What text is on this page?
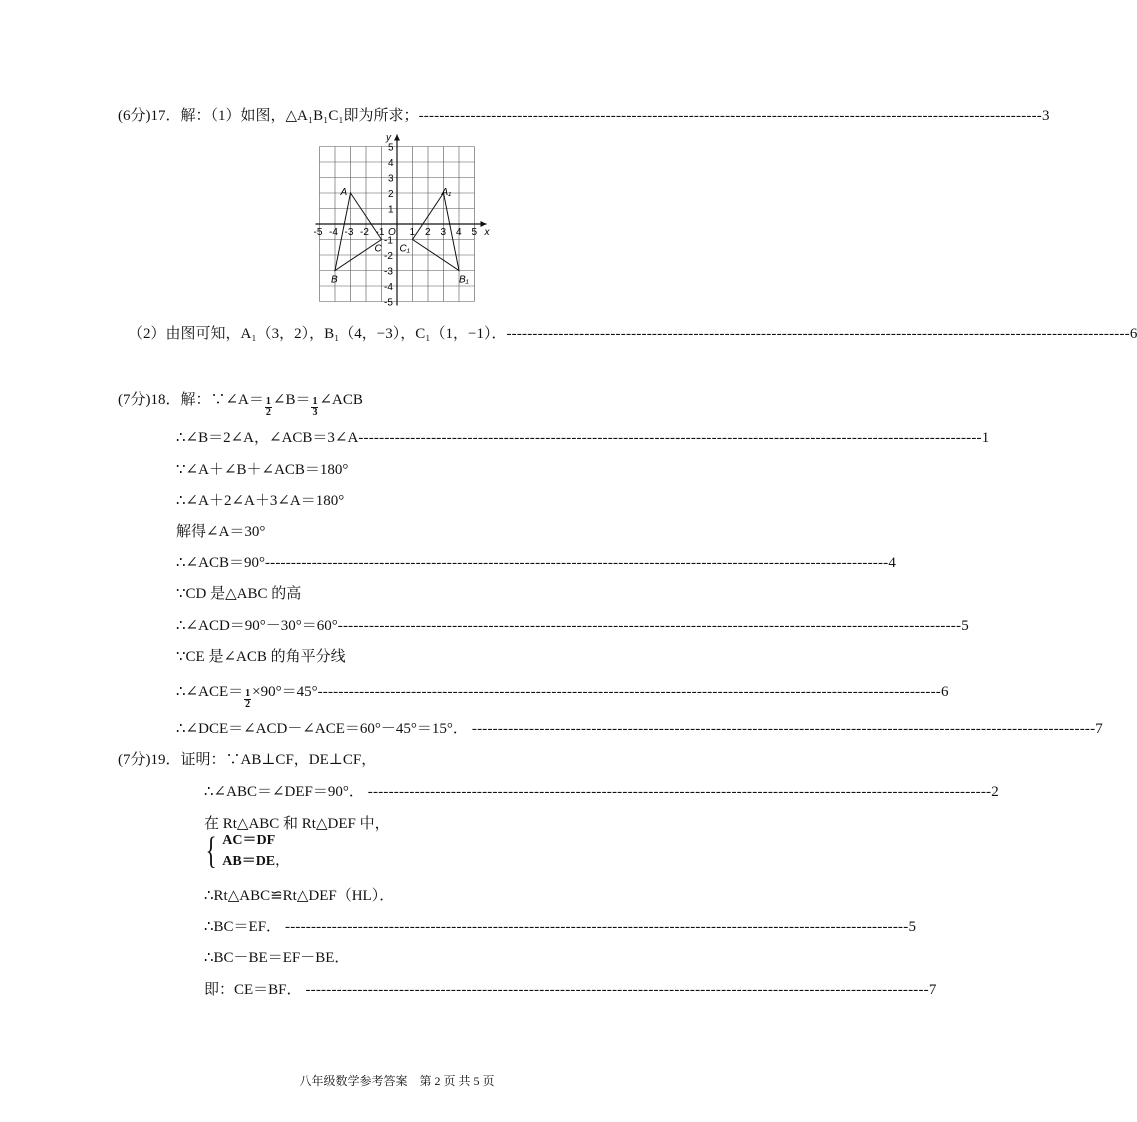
(6分)17．解：（1）如图，△A₁B₁C₁即为所求； ------------------------------------------------------------------------------------------------------------------------ 3
x
y
O
-5 -4 -3 -2 -1	1 2 3 4 5
5
4
3
2
1
-1
-2
-3
-4
-5
A
B
C
A₁
B₁
C₁
（2）由图可知，A₁（3，2），B₁（4，−3），C₁（1，−1）． ------------------------------------------------------------------------------------------------------------------------ 6
(7分)18．解：∵∠A＝ $\frac{1}{2}$ ∠B＝ $\frac{1}{3}$ ∠ACB
∴∠B＝2∠A，∠ACB＝3∠A ------------------------------------------------------------------------------------------------------------------------ 1
∵∠A＋∠B＋∠ACB＝180°
∴∠A＋2∠A＋3∠A＝180°
解得∠A＝30°
∴∠ACB＝90° ------------------------------------------------------------------------------------------------------------------------ 4
∵CD 是△ABC 的高
∴∠ACD＝90°－30°＝60° ------------------------------------------------------------------------------------------------------------------------ 5
∵CE 是∠ACB 的角平分线
∴∠ACE＝ $\frac{1}{2} \times 90^\circ=45^\circ$ ------------------------------------------------------------------------------------------------------------------------ 6
∴∠DCE＝∠ACD－∠ACE＝60°－45°＝15°． ------------------------------------------------------------------------------------------------------------------------ 7
(7分)19．证明：∵AB⊥CF，DE⊥CF，
∴∠ABC＝∠DEF＝90°． ------------------------------------------------------------------------------------------------------------------------ 2
在 Rt△ABC 和 Rt△DEF 中，
{ AC＝DF
AB＝DE，
∴Rt△ABC≌Rt△DEF（HL）．
∴BC＝EF． ------------------------------------------------------------------------------------------------------------------------ 5
∴BC－BE＝EF－BE．
即：CE＝BF． ------------------------------------------------------------------------------------------------------------------------ 7
八年级数学参考答案　第 2 页 共 5 页
